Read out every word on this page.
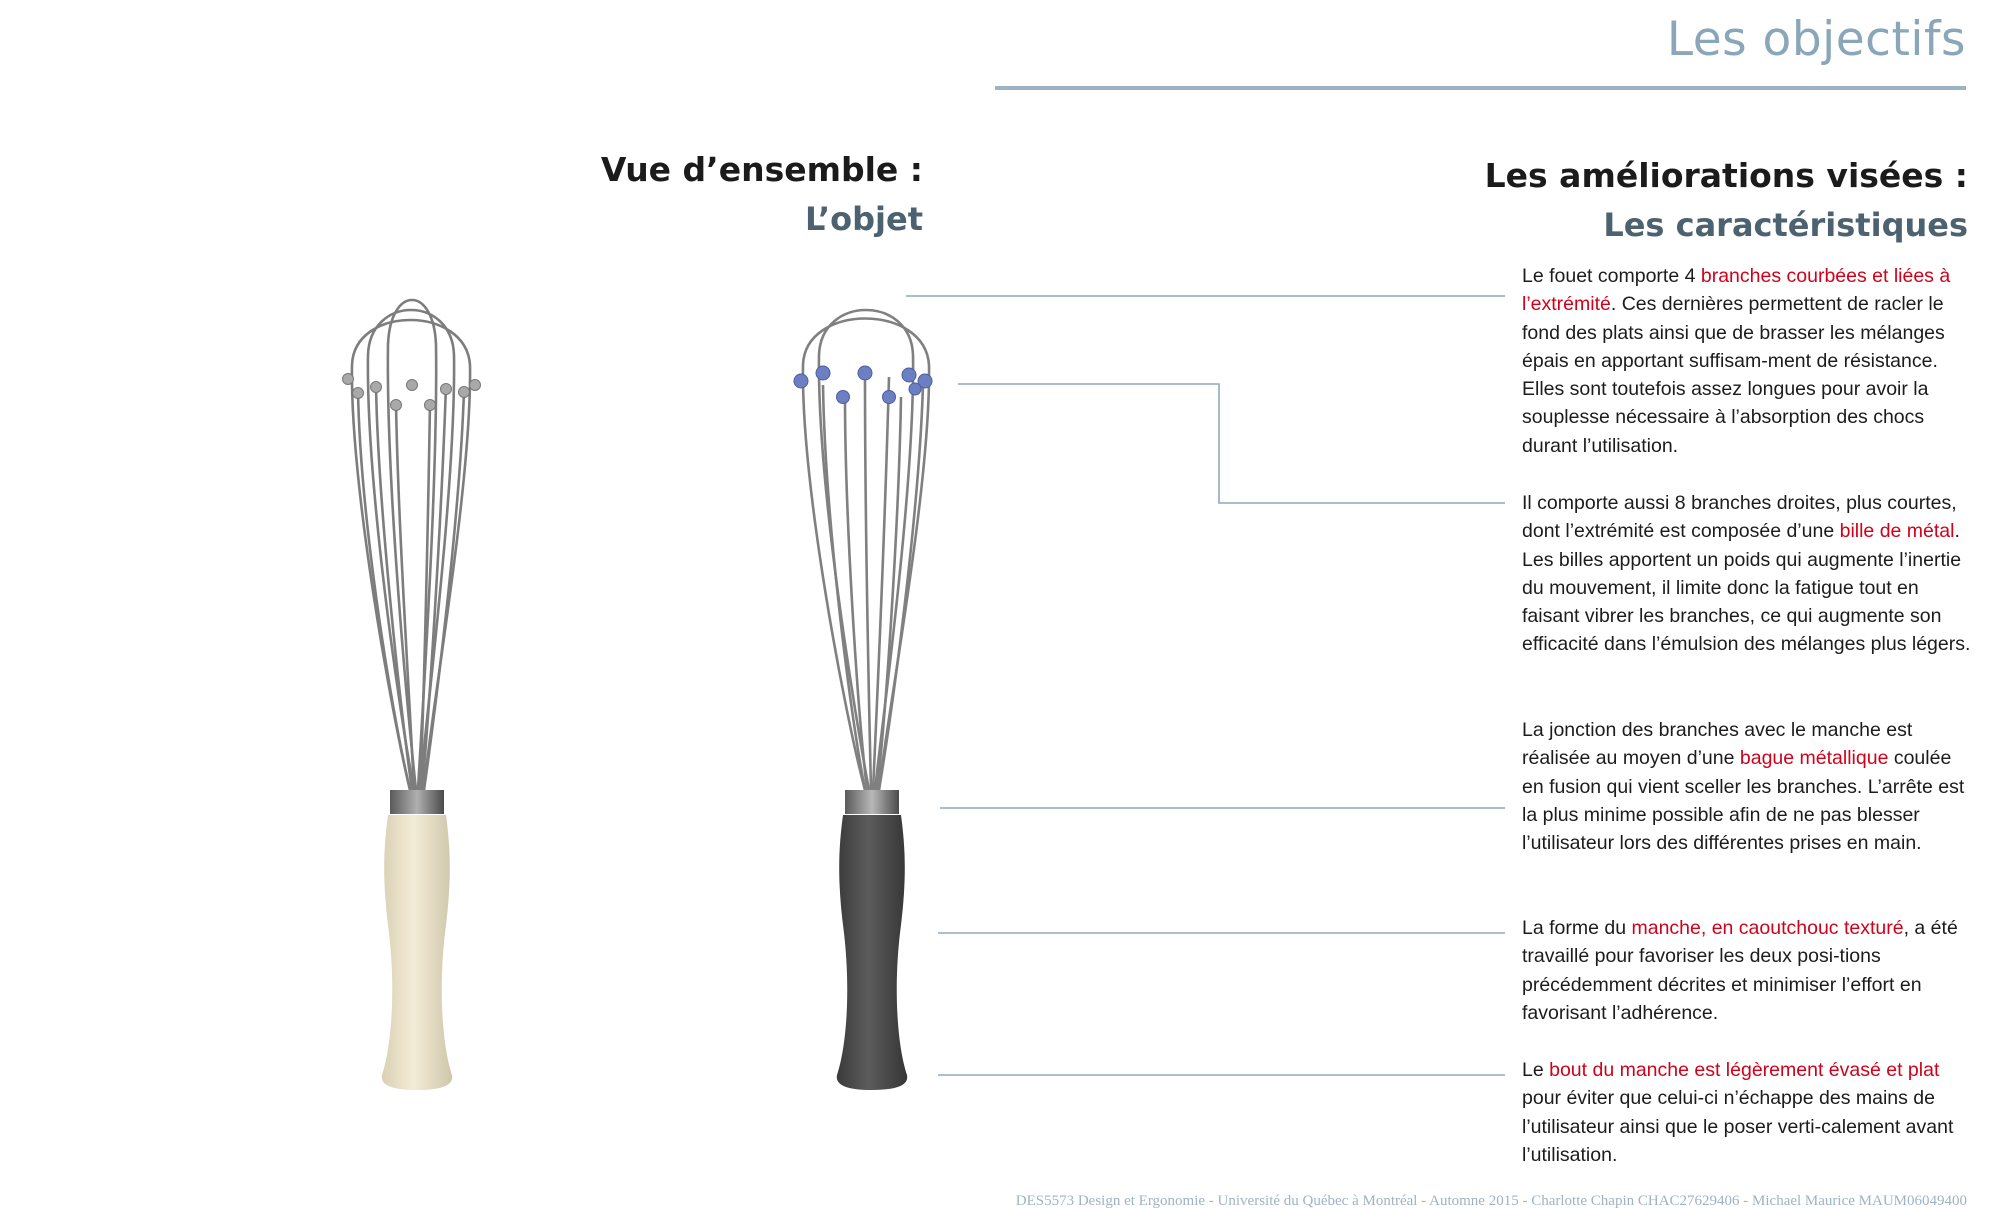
Les objectifs
Vue d’ensemble :
L’objet
Les améliorations visées :
Les caractéristiques
Le fouet comporte 4 branches courbées et liées à l’extrémité. Ces dernières permettent de racler le fond des plats ainsi que de brasser les mélanges épais en apportant suffisam-ment de résistance. Elles sont toutefois assez longues pour avoir la souplesse nécessaire à l’absorption des chocs durant l’utilisation.
Il comporte aussi 8 branches droites, plus courtes, dont l’extrémité est composée d’une bille de métal. Les billes apportent un poids qui augmente l’inertie du mouvement, il limite donc la fatigue tout en faisant vibrer les branches, ce qui augmente son efficacité dans l’émulsion des mélanges plus légers.
La jonction des branches avec le manche est réalisée au moyen d’une bague métallique coulée en fusion qui vient sceller les branches. L’arrête est la plus minime possible afin de ne pas blesser l’utilisateur lors des différentes prises en main.
La forme du manche, en caoutchouc texturé, a été travaillé pour favoriser les deux posi-tions précédemment décrites et minimiser l’effort en favorisant l’adhérence.
Le bout du manche est légèrement évasé et plat pour éviter que celui-ci n’échappe des mains de l’utilisateur ainsi que le poser verti-calement avant l’utilisation.
DES5573 Design et Ergonomie - Université du Québec à Montréal - Automne 2015 - Charlotte Chapin CHAC27629406 - Michael Maurice MAUM06049400
